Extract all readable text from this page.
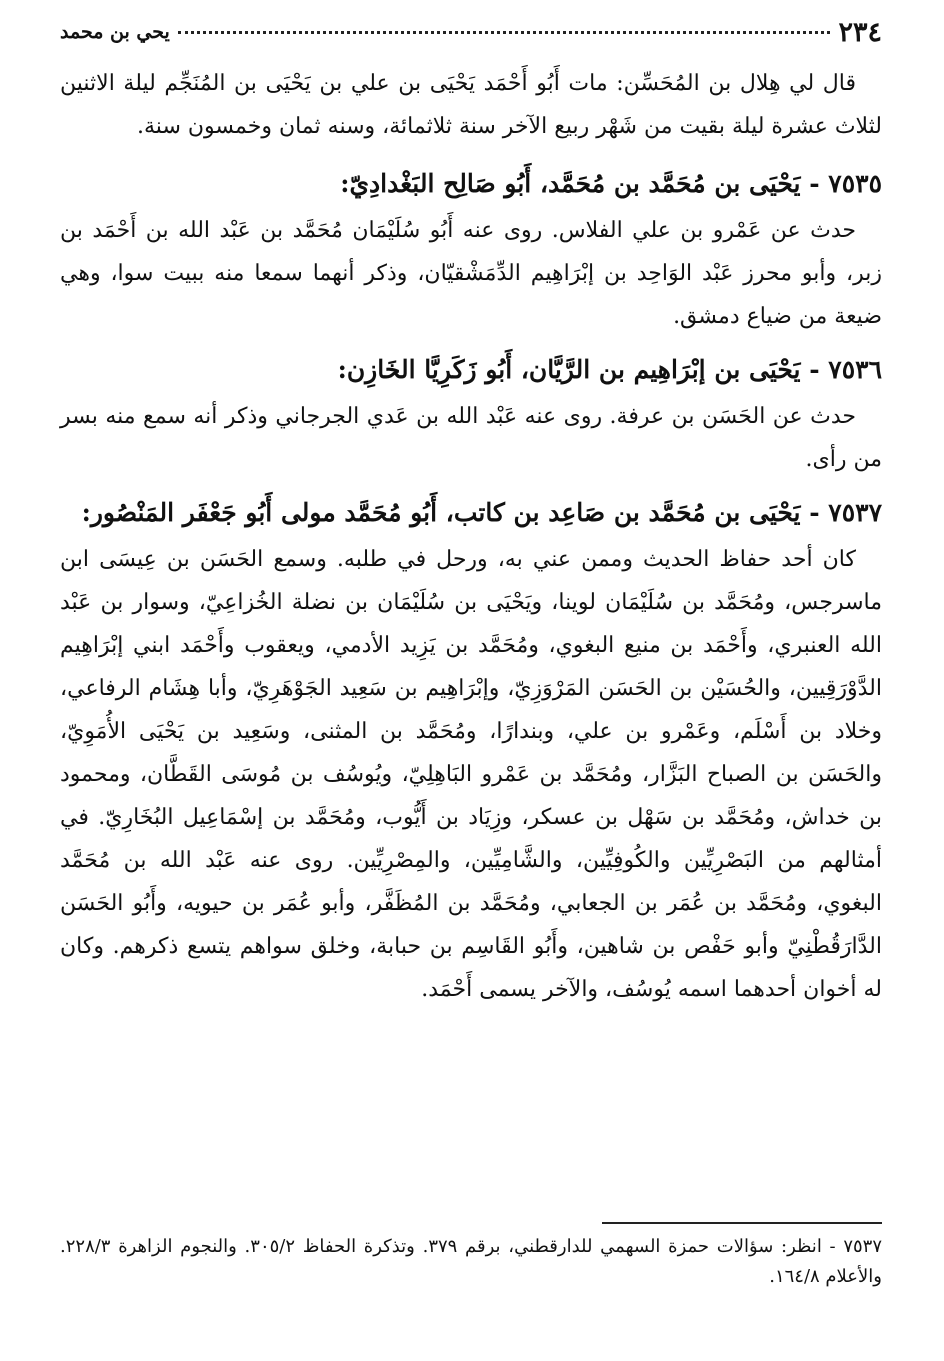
٢٣٤
يحي بن محمد

قال لي هِلال بن المُحَسِّن: مات أَبُو أَحْمَد يَحْيَى بن علي بن يَحْيَى بن المُنَجِّم ليلة الاثنين لثلاث عشرة ليلة بقيت من شَهْر ربيع الآخر سنة ثلاثمائة، وسنه ثمان وخمسون سنة.

٧٥٣٥ - يَحْيَى بن مُحَمَّد بن مُحَمَّد، أَبُو صَالِح البَغْدادِيّ:

حدث عن عَمْرو بن علي الفلاس. روى عنه أَبُو سُلَيْمَان مُحَمَّد بن عَبْد الله بن أَحْمَد بن زبر، وأبو محرز عَبْد الوَاحِد بن إبْرَاهِيم الدِّمَشْقيّان، وذكر أنهما سمعا منه ببيت سوا، وهي ضيعة من ضياع دمشق.

٧٥٣٦ - يَحْيَى بن إبْرَاهِيم بن الرَّيَّان، أَبُو زَكَرِيَّا الخَازِن:

حدث عن الحَسَن بن عرفة. روى عنه عَبْد الله بن عَدي الجرجاني وذكر أنه سمع منه بسر من رأى.

٧٥٣٧ - يَحْيَى بن مُحَمَّد بن صَاعِد بن كاتب، أَبُو مُحَمَّد مولى أَبُو جَعْفَر المَنْصُور:

كان أحد حفاظ الحديث وممن عني به، ورحل في طلبه. وسمع الحَسَن بن عِيسَى ابن ماسرجس، ومُحَمَّد بن سُلَيْمَان لوينا، ويَحْيَى بن سُلَيْمَان بن نضلة الخُزاعِيّ، وسوار بن عَبْد الله العنبري، وأَحْمَد بن منيع البغوي، ومُحَمَّد بن يَزِيد الأدمي، ويعقوب وأَحْمَد ابني إبْرَاهِيم الدَّوْرَقِيين، والحُسَيْن بن الحَسَن المَرْوَزِيّ، وإبْرَاهِيم بن سَعِيد الجَوْهَرِيّ، وأبا هِشَام الرفاعي، وخلاد بن أَسْلَم، وعَمْرو بن علي، وبندارًا، ومُحَمَّد بن المثنى، وسَعِيد بن يَحْيَى الأُمَوِيّ، والحَسَن بن الصباح البَزَّار، ومُحَمَّد بن عَمْرو البَاهِلِيّ، ويُوسُف بن مُوسَى القَطَّان، ومحمود بن خداش، ومُحَمَّد بن سَهْل بن عسكر، وزِيَاد بن أَيُّوب، ومُحَمَّد بن إسْمَاعِيل البُخَارِيّ. في أمثالهم من البَصْرِيِّين والكُوفِيِّين، والشَّامِيِّين، والمِصْرِيِّين. روى عنه عَبْد الله بن مُحَمَّد البغوي، ومُحَمَّد بن عُمَر بن الجعابي، ومُحَمَّد بن المُظَفَّر، وأبو عُمَر بن حيويه، وأَبُو الحَسَن الدَّارَقُطْنِيّ وأبو حَفْص بن شاهين، وأَبُو القَاسِم بن حبابة، وخلق سواهم يتسع ذكرهم. وكان له أخوان أحدهما اسمه يُوسُف، والآخر يسمى أَحْمَد.

٧٥٣٧ - انظر: سؤالات حمزة السهمي للدارقطني، برقم ٣٧٩. وتذكرة الحفاظ ٣٠٥/٢. والنجوم الزاهرة ٢٢٨/٣. والأعلام ١٦٤/٨.
